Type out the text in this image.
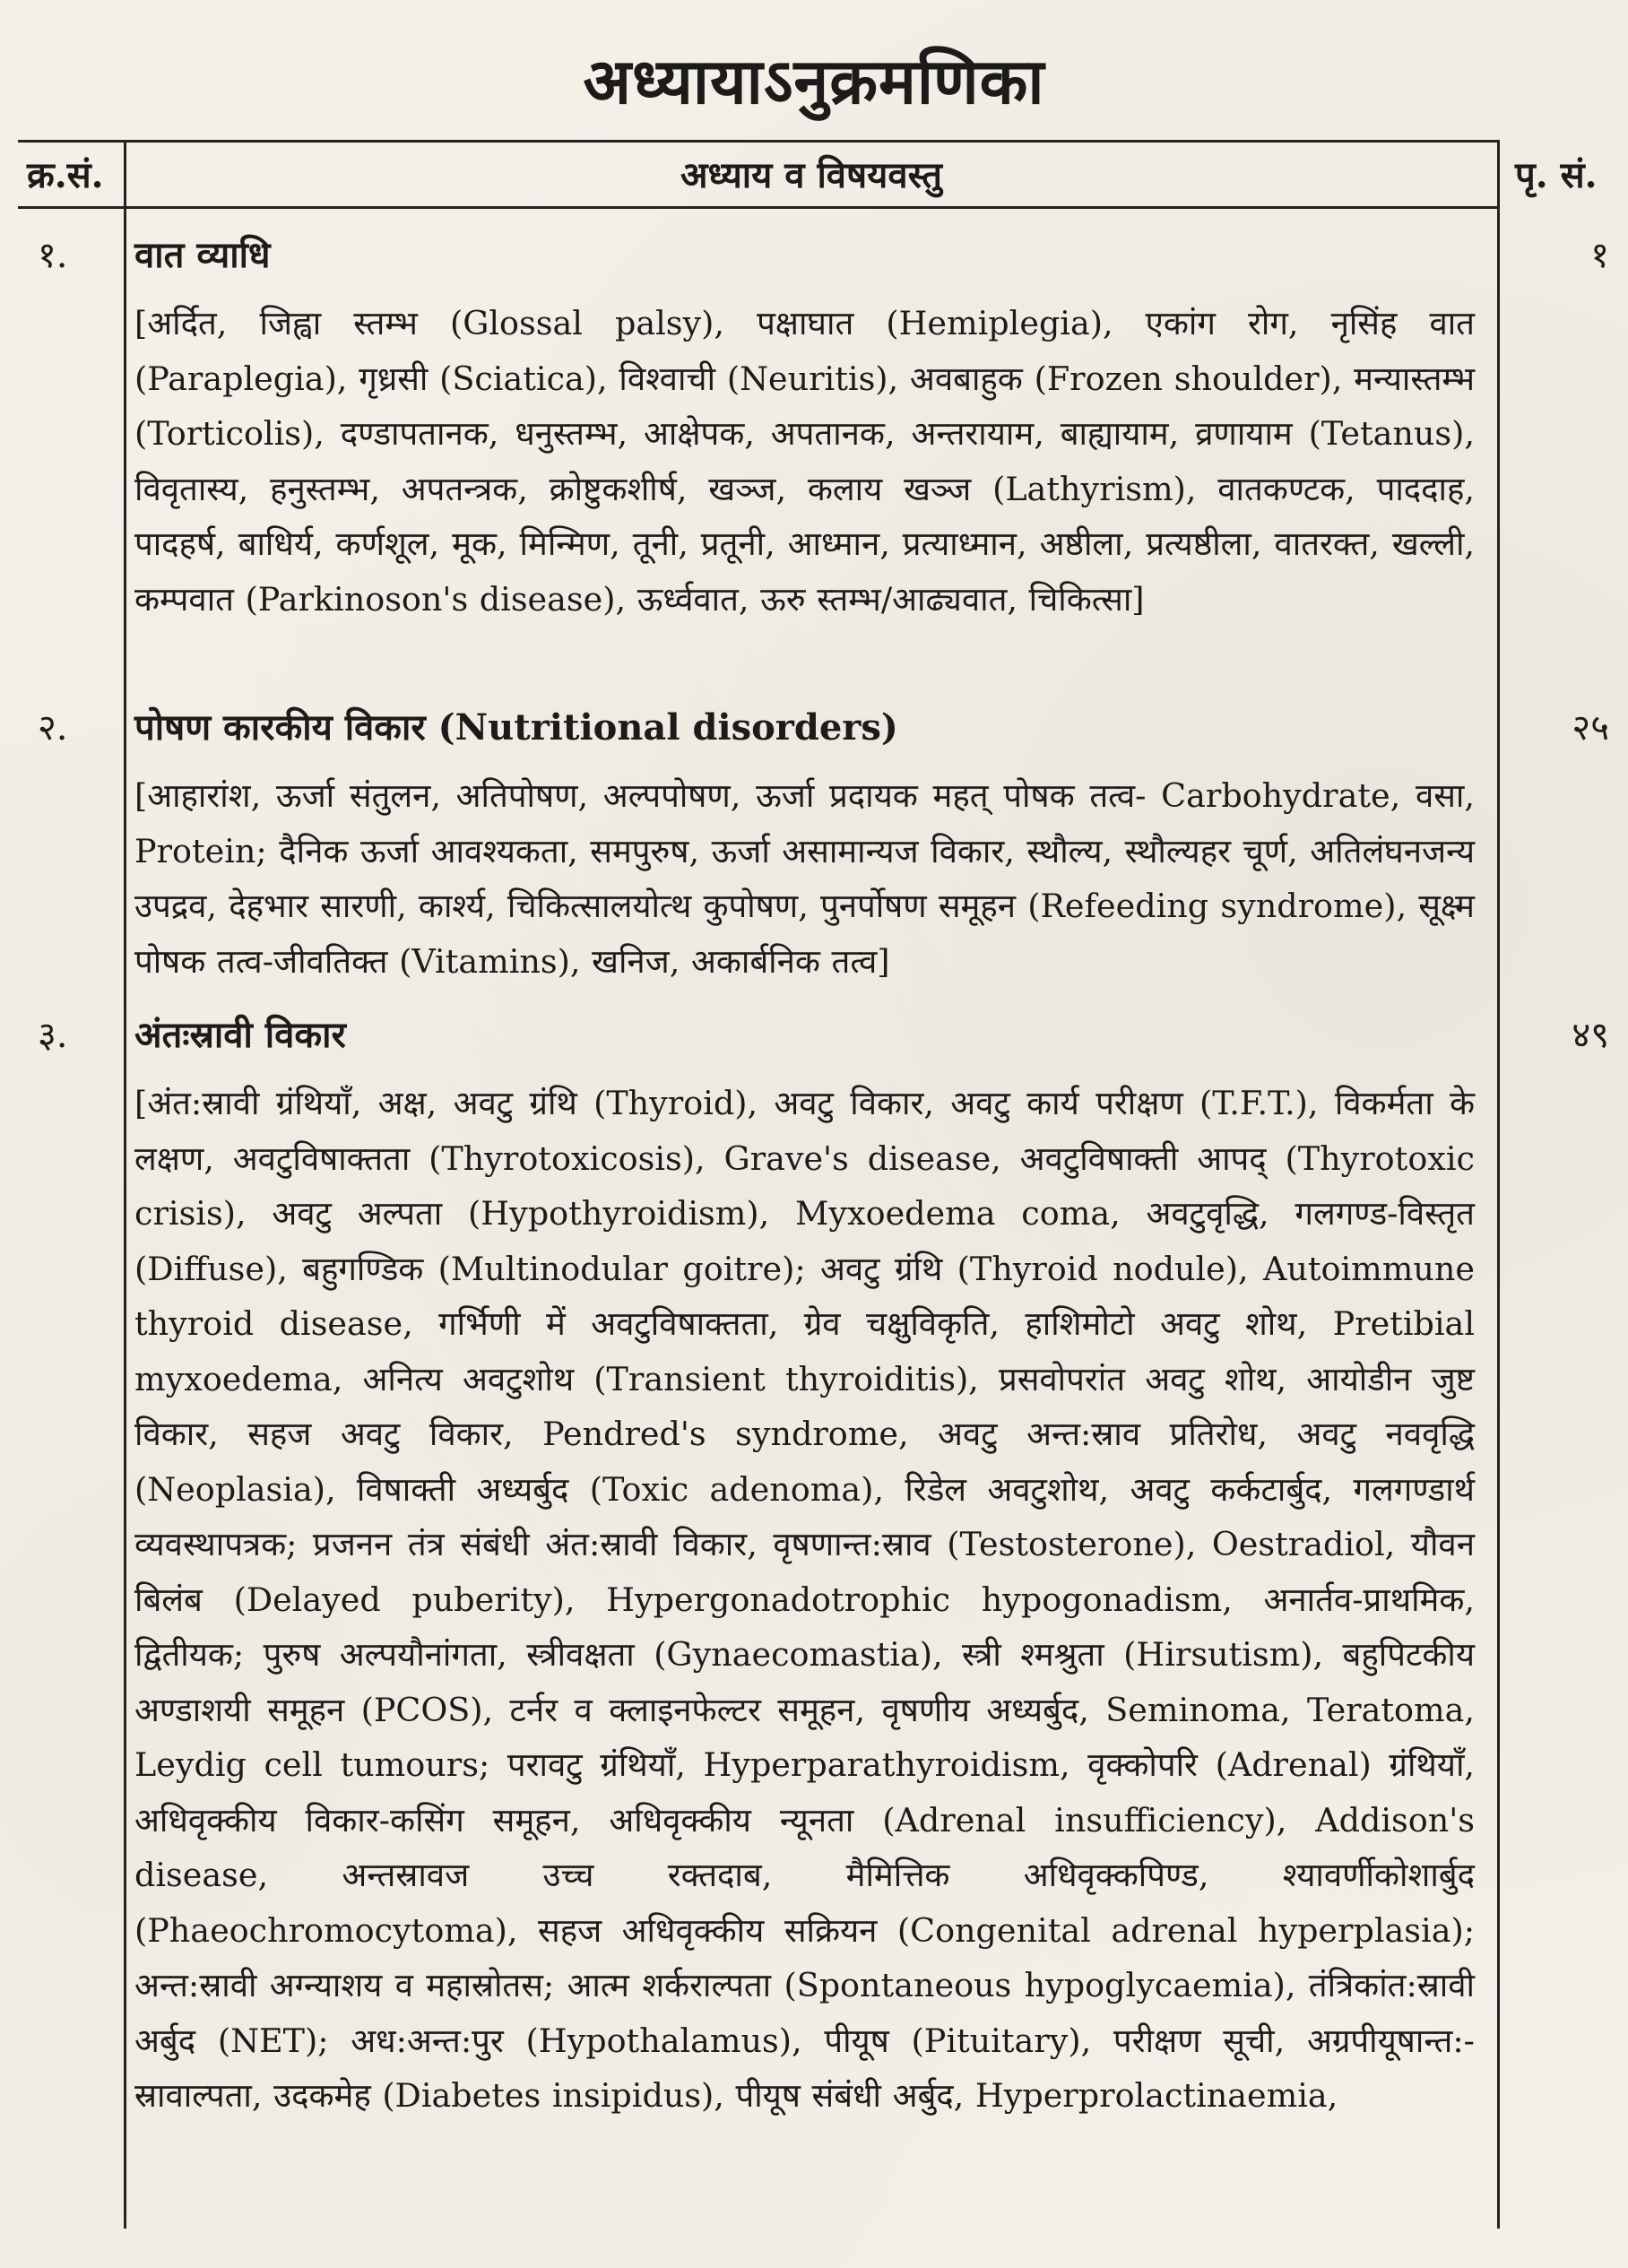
अध्यायाऽनुक्रमणिका
क्र.सं.	अध्याय व विषयवस्तु	पृ. सं.
१. वात व्याधि	१
[अर्दित, जिह्वा स्तम्भ (Glossal palsy), पक्षाघात (Hemiplegia), एकांग रोग, नृसिंह वात (Paraplegia), गृध्रसी (Sciatica), विश्वाची (Neuritis), अवबाहुक (Frozen shoulder), मन्यास्तम्भ (Torticolis), दण्डापतानक, धनुस्तम्भ, आक्षेपक, अपतानक, अन्तरायाम, बाह्यायाम, व्रणायाम (Tetanus), विवृतास्य, हनुस्तम्भ, अपतन्त्रक, क्रोष्टुकशीर्ष, खञ्ज, कलाय खञ्ज (Lathyrism), वातकण्टक, पाददाह, पादहर्ष, बाधिर्य, कर्णशूल, मूक, मिन्मिण, तूनी, प्रतूनी, आध्मान, प्रत्याध्मान, अष्ठीला, प्रत्यष्ठीला, वातरक्त, खल्ली, कम्पवात (Parkinoson's disease), ऊर्ध्ववात, ऊरु स्तम्भ/आढ्यवात, चिकित्सा]
२. पोषण कारकीय विकार (Nutritional disorders)	२५
[आहारांश, ऊर्जा संतुलन, अतिपोषण, अल्पपोषण, ऊर्जा प्रदायक महत् पोषक तत्व- Carbohydrate, वसा, Protein; दैनिक ऊर्जा आवश्यकता, समपुरुष, ऊर्जा असामान्यज विकार, स्थौल्य, स्थौल्यहर चूर्ण, अतिलंघनजन्य उपद्रव, देहभार सारणी, कार्श्य, चिकित्सालयोत्थ कुपोषण, पुनर्पोषण समूहन (Refeeding syndrome), सूक्ष्म पोषक तत्व-जीवतिक्त (Vitamins), खनिज, अकार्बनिक तत्व]
३. अंतःस्रावी विकार	४९
[अंत:स्रावी ग्रंथियाँ, अक्ष, अवटु ग्रंथि (Thyroid), अवटु विकार, अवटु कार्य परीक्षण (T.F.T.), विकर्मता के लक्षण, अवटुविषाक्तता (Thyrotoxicosis), Grave's disease, अवटुविषाक्ती आपद् (Thyrotoxic crisis), अवटु अल्पता (Hypothyroidism), Myxoedema coma, अवटुवृद्धि, गलगण्ड-विस्तृत (Diffuse), बहुगण्डिक (Multinodular goitre); अवटु ग्रंथि (Thyroid nodule), Autoimmune thyroid disease, गर्भिणी में अवटुविषाक्तता, ग्रेव चक्षुविकृति, हाशिमोटो अवटु शोथ, Pretibial myxoedema, अनित्य अवटुशोथ (Transient thyroiditis), प्रसवोपरांत अवटु शोथ, आयोडीन जुष्ट विकार, सहज अवटु विकार, Pendred's syndrome, अवटु अन्त:स्राव प्रतिरोध, अवटु नववृद्धि (Neoplasia), विषाक्ती अध्यर्बुद (Toxic adenoma), रिडेल अवटुशोथ, अवटु कर्कटार्बुद, गलगण्डार्थ व्यवस्थापत्रक; प्रजनन तंत्र संबंधी अंत:स्रावी विकार, वृषणान्त:स्राव (Testosterone), Oestradiol, यौवन बिलंब (Delayed puberity), Hypergonadotrophic hypogonadism, अनार्तव-प्राथमिक, द्वितीयक; पुरुष अल्पयौनांगता, स्त्रीवक्षता (Gynaecomastia), स्त्री श्मश्रुता (Hirsutism), बहुपिटकीय अण्डाशयी समूहन (PCOS), टर्नर व क्लाइनफेल्टर समूहन, वृषणीय अध्यर्बुद, Seminoma, Teratoma, Leydig cell tumours; परावटु ग्रंथियाँ, Hyperparathyroidism, वृक्कोपरि (Adrenal) ग्रंथियाँ, अधिवृक्कीय विकार-कसिंग समूहन, अधिवृक्कीय न्यूनता (Adrenal insufficiency), Addison's disease, अन्तस्रावज उच्च रक्तदाब, मैमित्तिक अधिवृक्कपिण्ड, श्यावर्णीकोशार्बुद (Phaeochromocytoma), सहज अधिवृक्कीय सक्रियन (Congenital adrenal hyperplasia); अन्त:स्रावी अग्न्याशय व महास्रोतस; आत्म शर्कराल्पता (Spontaneous hypoglycaemia), तंत्रिकांत:स्रावी अर्बुद (NET); अध:अन्त:पुर (Hypothalamus), पीयूष (Pituitary), परीक्षण सूची, अग्रपीयूषान्त:-स्रावाल्पता, उदकमेह (Diabetes insipidus), पीयूष संबंधी अर्बुद, Hyperprolactinaemia,
